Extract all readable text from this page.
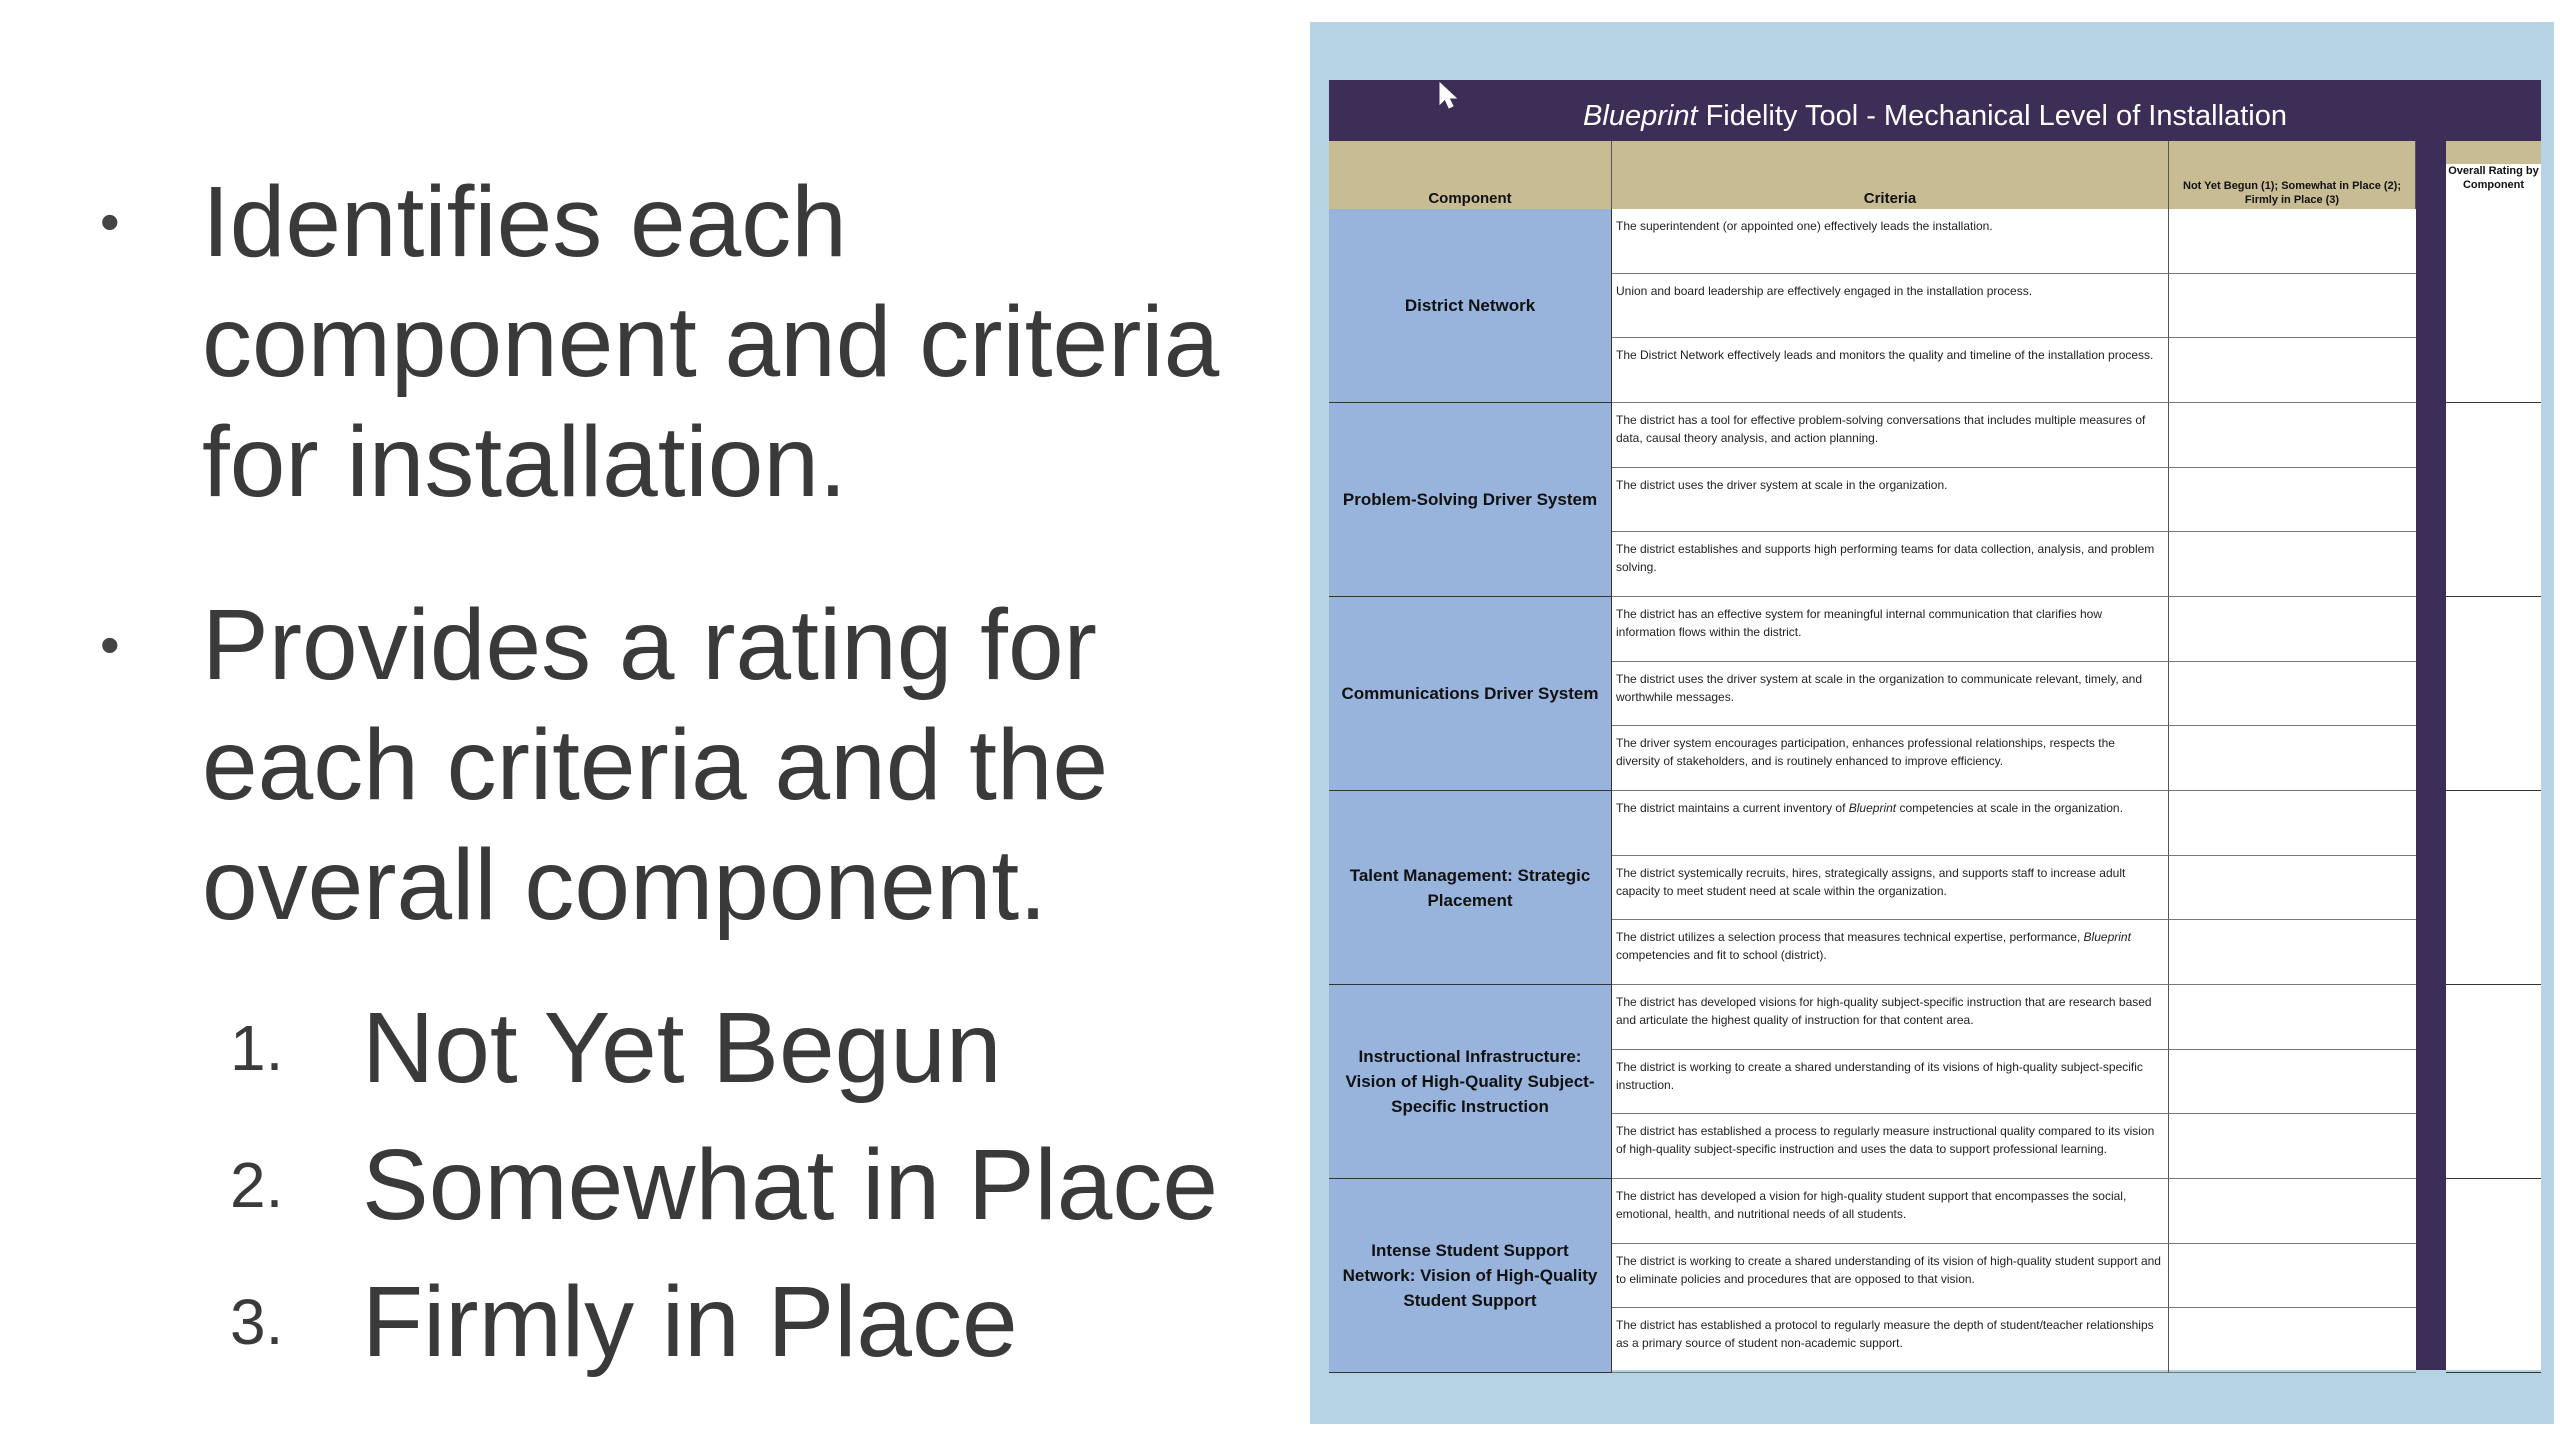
• Identifies each component and criteria for installation.
• Provides a rating for each criteria and the overall component.
1. Not Yet Begun
2. Somewhat in Place
3. Firmly in Place
Blueprint Fidelity Tool - Mechanical Level of Installation
Component	Criteria
Not Yet Begun (1); Somewhat in Place (2); Firmly in Place (3)
Overall Rating by Component
District Network
The superintendent (or appointed one) effectively leads the installation.
Union and board leadership are effectively engaged in the installation process.
The District Network effectively leads and monitors the quality and timeline of the installation process.
Problem-Solving Driver System
The district has a tool for effective problem-solving conversations that includes multiple measures of data, causal theory analysis, and action planning.
The district uses the driver system at scale in the organization.
The district establishes and supports high performing teams for data collection, analysis, and problem solving.
Communications Driver System
The district has an effective system for meaningful internal communication that clarifies how information flows within the district.
The district uses the driver system at scale in the organization to communicate relevant, timely, and worthwhile messages.
The driver system encourages participation, enhances professional relationships, respects the diversity of stakeholders, and is routinely enhanced to improve efficiency.
Talent Management: Strategic Placement
The district maintains a current inventory of Blueprint competencies at scale in the organization.
The district systemically recruits, hires, strategically assigns, and supports staff to increase adult capacity to meet student need at scale within the organization.
The district utilizes a selection process that measures technical expertise, performance, Blueprint competencies and fit to school (district).
Instructional Infrastructure: Vision of High-Quality Subject-Specific Instruction
The district has developed visions for high-quality subject-specific instruction that are research based and articulate the highest quality of instruction for that content area.
The district is working to create a shared understanding of its visions of high-quality subject-specific instruction.
The district has established a process to regularly measure instructional quality compared to its vision of high-quality subject-specific instruction and uses the data to support professional learning.
Intense Student Support Network: Vision of High-Quality Student Support
The district has developed a vision for high-quality student support that encompasses the social, emotional, health, and nutritional needs of all students.
The district is working to create a shared understanding of its vision of high-quality student support and to eliminate policies and procedures that are opposed to that vision.
The district has established a protocol to regularly measure the depth of student/teacher relationships as a primary source of student non-academic support.
